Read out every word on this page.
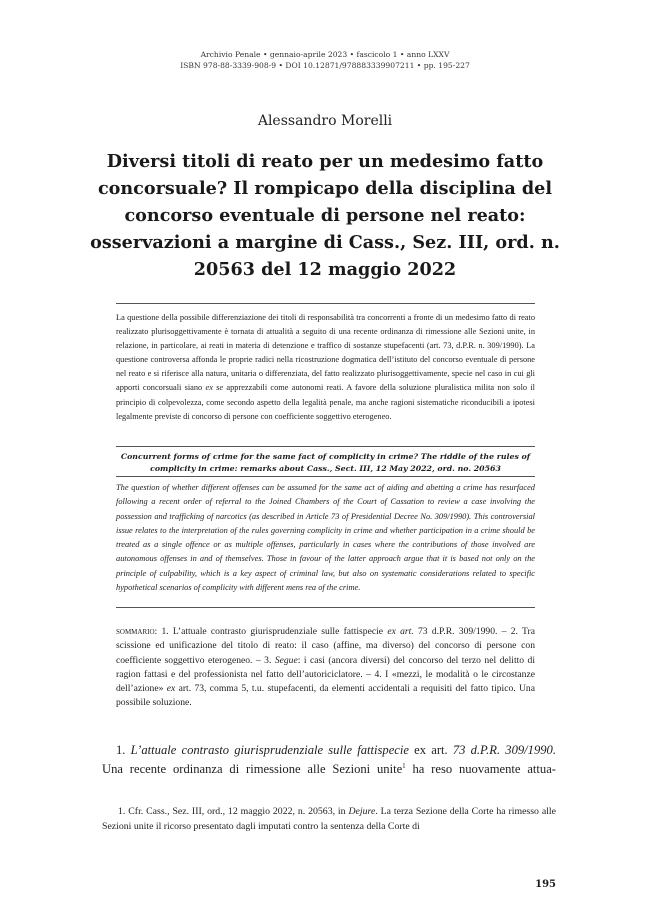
Archivio Penale • gennaio-aprile 2023 • fascicolo 1 • anno LXXV
ISBN 978-88-3339-908-9 • DOI 10.12871/978883339907211 • pp. 195-227
Alessandro Morelli
Diversi titoli di reato per un medesimo fatto concorsuale? Il rompicapo della disciplina del concorso eventuale di persone nel reato: osservazioni a margine di Cass., Sez. III, ord. n. 20563 del 12 maggio 2022

La questione della possibile differenziazione dei titoli di responsabilità tra concorrenti a fronte di un medesimo fatto di reato realizzato plurisoggettivamente è tornata di attualità a seguito di una recente ordinanza di rimessione alle Sezioni unite, in relazione, in particolare, ai reati in materia di detenzione e traffico di sostanze stupefacenti (art. 73, d.P.R. n. 309/1990). La questione controversa affonda le proprie radici nella ricostruzione dogmatica dell’istituto del concorso eventuale di persone nel reato e si riferisce alla natura, unitaria o differenziata, del fatto realizzato plurisoggettivamente, specie nel caso in cui gli apporti concorsuali siano ex se apprezzabili come autonomi reati. A favore della soluzione pluralistica milita non solo il principio di colpevolezza, come secondo aspetto della legalità penale, ma anche ragioni sistematiche riconducibili a ipotesi legalmente previste di concorso di persone con coefficiente soggettivo eterogeneo.

Concurrent forms of crime for the same fact of complicity in crime? The riddle of the rules of complicity in crime: remarks about Cass., Sect. III, 12 May 2022, ord. no. 20563

The question of whether different offenses can be assumed for the same act of aiding and abetting a crime has resurfaced following a recent order of referral to the Joined Chambers of the Court of Cassation to review a case involving the possession and trafficking of narcotics (as described in Article 73 of Presidential Decree No. 309/1990). This controversial issue relates to the interpretation of the rules governing complicity in crime and whether participation in a crime should be treated as a single offence or as multiple offenses, particularly in cases where the contributions of those involved are autonomous offenses in and of themselves. Those in favour of the latter approach argue that it is based not only on the principle of culpability, which is a key aspect of criminal law, but also on systematic considerations related to specific hypothetical scenarios of complicity with different mens rea of the crime.

sommario: 1. L’attuale contrasto giurisprudenziale sulle fattispecie ex art. 73 d.P.R. 309/1990. – 2. Tra scissione ed unificazione del titolo di reato: il caso (affine, ma diverso) del concorso di persone con coefficiente soggettivo eterogeneo. – 3. Segue: i casi (ancora diversi) del concorso del terzo nel delitto di ragion fattasi e del professionista nel fatto dell’autoriciclatore. – 4. I «mezzi, le modalità o le circostanze dell’azione» ex art. 73, comma 5, t.u. stupefacenti, da elementi accidentali a requisiti del fatto tipico. Una possibile soluzione.

1. L’attuale contrasto giurisprudenziale sulle fattispecie ex art. 73 d.P.R. 309/1990. Una recente ordinanza di rimessione alle Sezioni unite$^1$ ha reso nuovamente attua-

1. Cfr. Cass., Sez. III, ord., 12 maggio 2022, n. 20563, in Dejure. La terza Sezione della Corte ha rimesso alle Sezioni unite il ricorso presentato dagli imputati contro la sentenza della Corte di

195
